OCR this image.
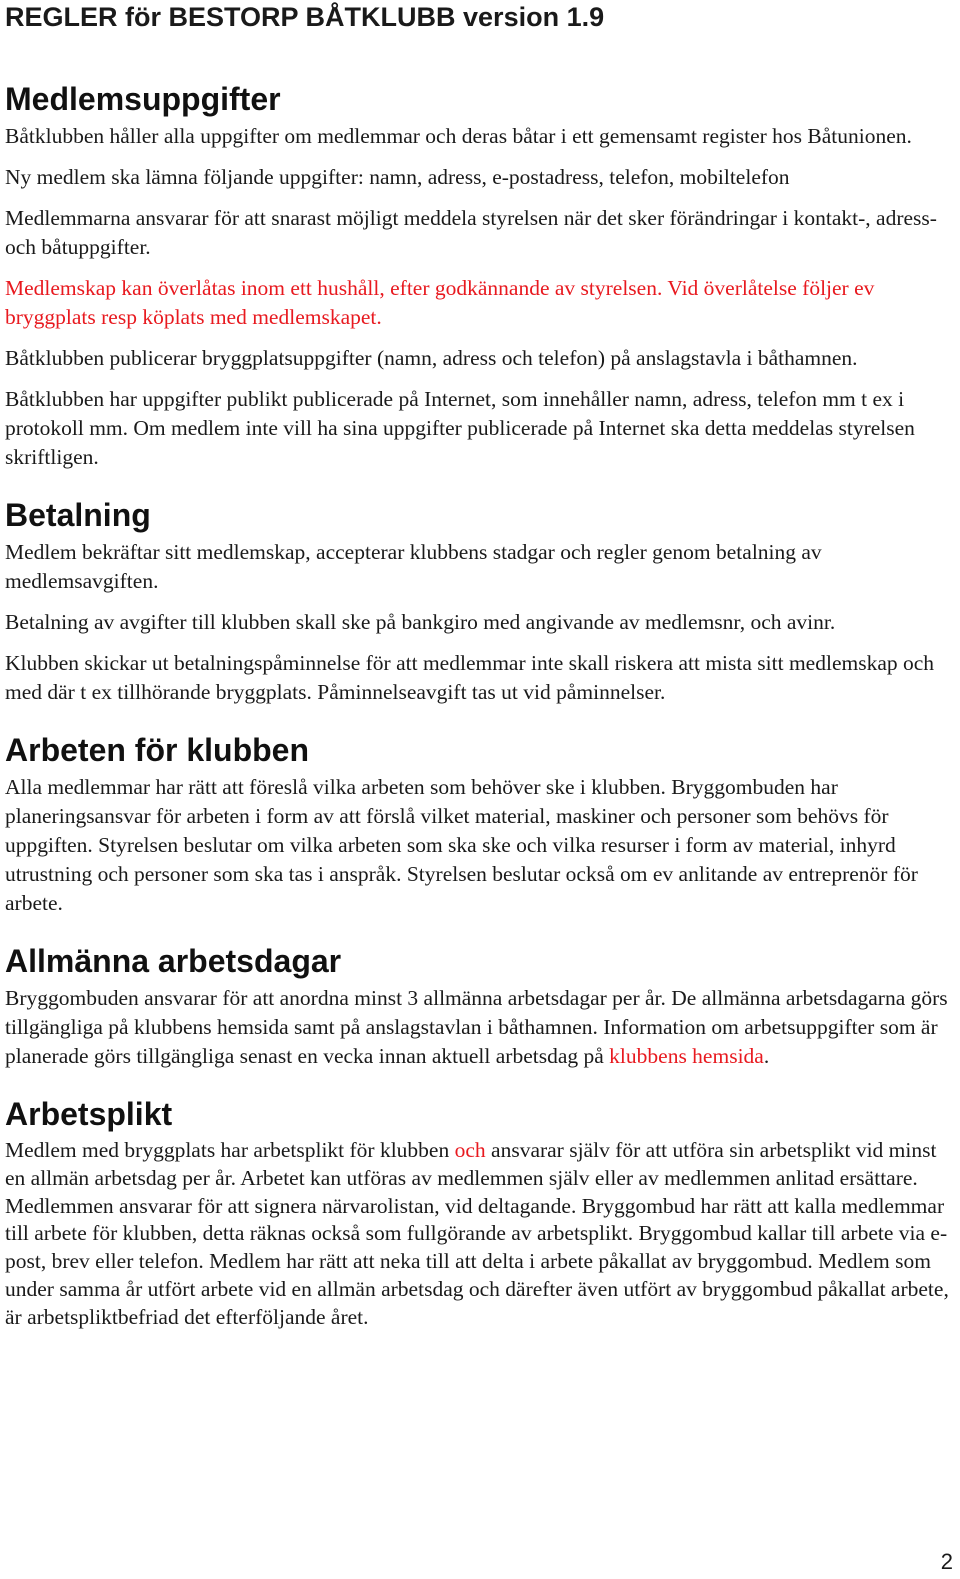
REGLER för BESTORP BÅTKLUBB version 1.9
Medlemsuppgifter

Båtklubben håller alla uppgifter om medlemmar och deras båtar i ett gemensamt register hos Båtunionen.

Ny medlem ska lämna följande uppgifter: namn, adress, e-postadress, telefon, mobiltelefon

Medlemmarna ansvarar för att snarast möjligt meddela styrelsen när det sker förändringar i kontakt-, adress- och båtuppgifter.

Medlemskap kan överlåtas inom ett hushåll, efter godkännande av styrelsen. Vid överlåtelse följer ev bryggplats resp köplats med medlemskapet.

Båtklubben publicerar bryggplatsuppgifter (namn, adress och telefon) på anslagstavla i båthamnen.

Båtklubben har uppgifter publikt publicerade på Internet, som innehåller namn, adress, telefon mm t ex i protokoll mm. Om medlem inte vill ha sina uppgifter publicerade på Internet ska detta meddelas styrelsen skriftligen.

Betalning

Medlem bekräftar sitt medlemskap, accepterar klubbens stadgar och regler genom betalning av medlemsavgiften.

Betalning av avgifter till klubben skall ske på bankgiro med angivande av medlemsnr, och avinr.

Klubben skickar ut betalningspåminnelse för att medlemmar inte skall riskera att mista sitt medlemskap och med där t ex tillhörande bryggplats. Påminnelseavgift tas ut vid påminnelser.

Arbeten för klubben

Alla medlemmar har rätt att föreslå vilka arbeten som behöver ske i klubben. Bryggombuden har planeringsansvar för arbeten i form av att förslå vilket material, maskiner och personer som behövs för uppgiften. Styrelsen beslutar om vilka arbeten som ska ske och vilka resurser i form av material, inhyrd utrustning och personer som ska tas i anspråk. Styrelsen beslutar också om ev anlitande av entreprenör för arbete.

Allmänna arbetsdagar

Bryggombuden ansvarar för att anordna minst 3 allmänna arbetsdagar per år. De allmänna arbetsdagarna görs tillgängliga på klubbens hemsida samt på anslagstavlan i båthamnen. Information om arbetsuppgifter som är planerade görs tillgängliga senast en vecka innan aktuell arbetsdag på klubbens hemsida.

Arbetsplikt

Medlem med bryggplats har arbetsplikt för klubben och ansvarar själv för att utföra sin arbetsplikt vid minst en allmän arbetsdag per år. Arbetet kan utföras av medlemmen själv eller av medlemmen anlitad ersättare. Medlemmen ansvarar för att signera närvarolistan, vid deltagande. Bryggombud har rätt att kalla medlemmar till arbete för klubben, detta räknas också som fullgörande av arbetsplikt. Bryggombud kallar till arbete via e-post, brev eller telefon. Medlem har rätt att neka till att delta i arbete påkallat av bryggombud. Medlem som under samma år utfört arbete vid en allmän arbetsdag och därefter även utfört av bryggombud påkallat arbete, är arbetspliktbefriad det efterföljande året.

2
